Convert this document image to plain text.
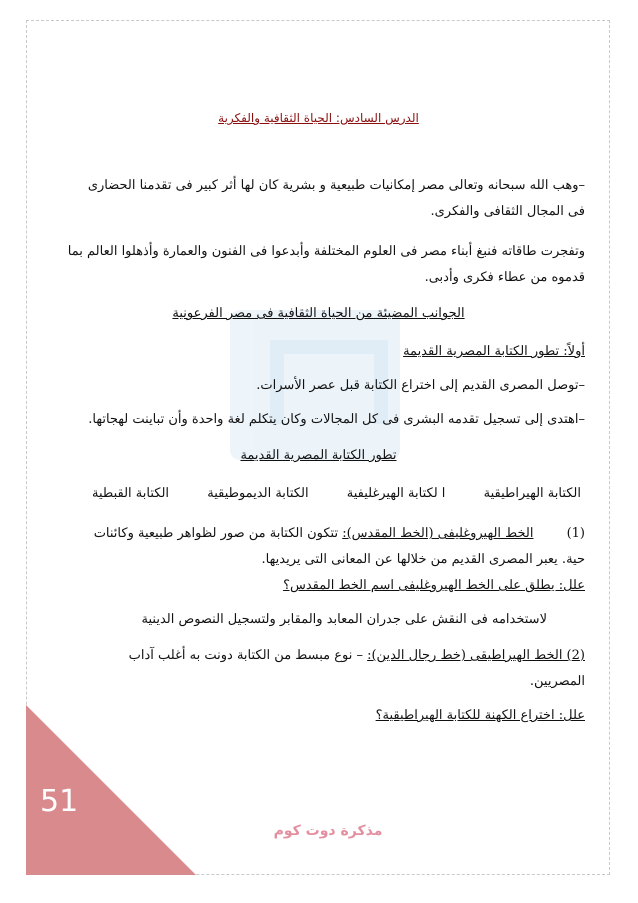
51
مذكرة دوت كوم
الدرس السادس: الحياة الثقافية والفكرية

–وهب الله سبحانه وتعالى مصر إمكانيات طبيعية و بشرية كان لها أثر كبير فى تقدمنا الحضارى

فى المجال الثقافى والفكرى.

وتفجرت طاقاته فنبغ أبناء مصر فى العلوم المختلفة وأبدعوا فى الفنون والعمارة وأذهلوا العالم بما

قدموه من عطاء فكرى وأدبى.

الجوانب المضيئة من الحياة الثقافية فى مصر الفرعونية

أولاً: تطور الكتابة المصرية القديمة

–توصل المصرى القديم إلى اختراع الكتابة قبل عصر الأسرات.

–اهتدى إلى تسجيل تقدمه البشرى فى كل المجالات وكان يتكلم لغة واحدة وأن تباينت لهجاتها.

تطور الكتابة المصرية القديمة
الكتابة الهيراطيقية
ا لكتابة الهيرغليفية
الكتابة الديموطيقية
الكتابة القبطية

(1)        الخط الهيروغليفى (الخط المقدس): تتكون الكتابة من صور لظواهر طبيعية وكائنات

حية. يعبر المصرى القديم من خلالها عن المعانى التى يريديها.

علل: يطلق على الخط الهيروغليفى اسم الخط المقدس؟

لاستخدامه فى النقش على جدران المعابد والمقابر ولتسجيل النصوص الدينية

(2) الخط الهيراطيقى (خط رجال الدين): – نوع مبسط من الكتابة دونت به أغلب آداب

المصريين.

علل: اختراع الكهنة للكتابة الهيراطيقية؟
